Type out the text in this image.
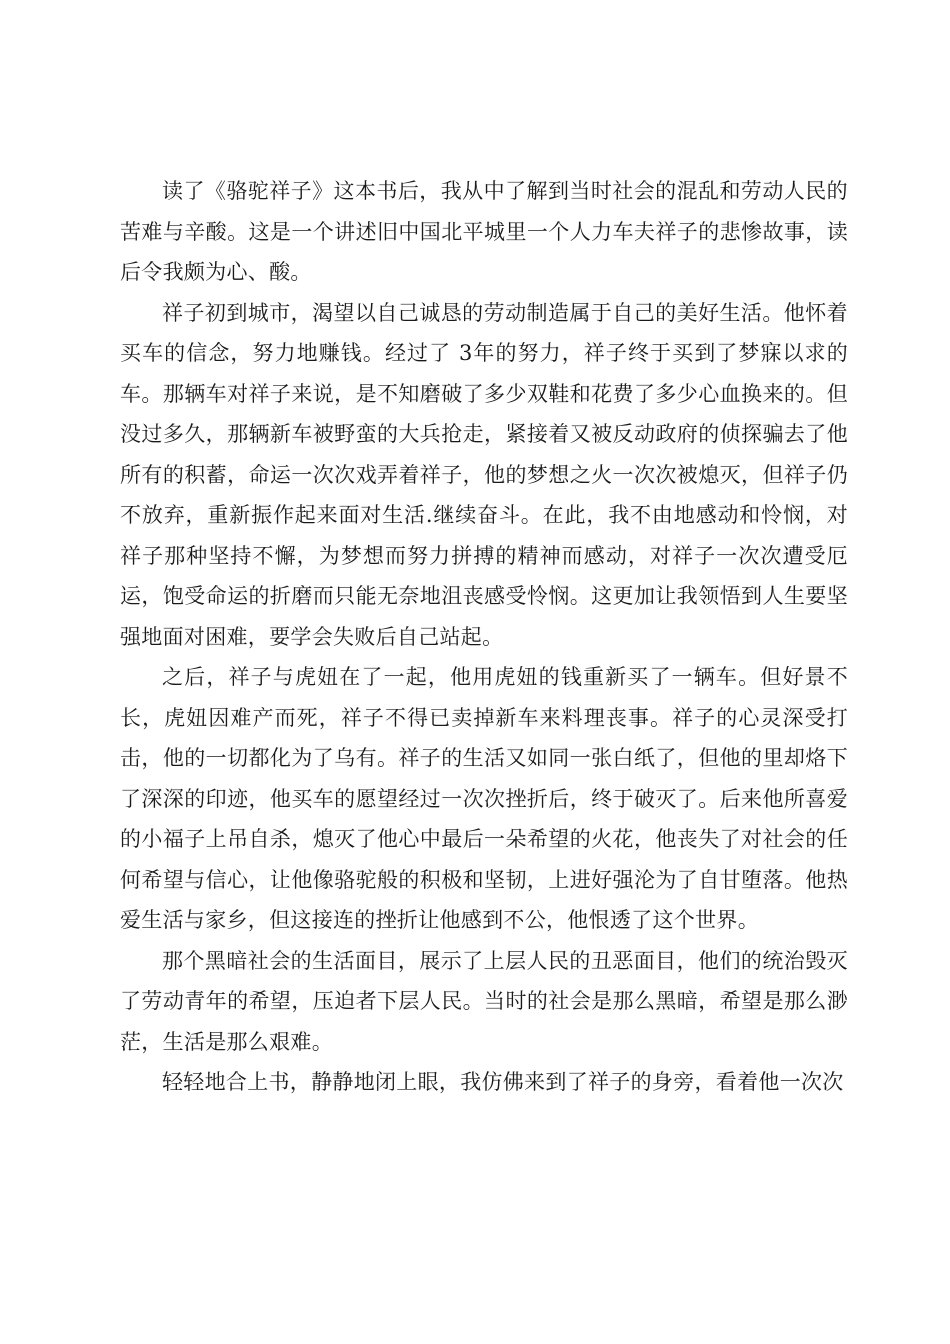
读了《骆驼祥子》这本书后，我从中了解到当时社会的混乱和劳动人民的苦难与辛酸。这是一个讲述旧中国北平城里一个人力车夫祥子的悲惨故事，读后令我颇为心、酸。

祥子初到城市，渴望以自己诚恳的劳动制造属于自己的美好生活。他怀着买车的信念，努力地赚钱。经过了 3年的努力，祥子终于买到了梦寐以求的车。那辆车对祥子来说，是不知磨破了多少双鞋和花费了多少心血换来的。但没过多久，那辆新车被野蛮的大兵抢走，紧接着又被反动政府的侦探骗去了他所有的积蓄，命运一次次戏弄着祥子，他的梦想之火一次次被熄灭，但祥子仍不放弃，重新振作起来面对生活.继续奋斗。在此，我不由地感动和怜悯，对祥子那种坚持不懈，为梦想而努力拼搏的精神而感动，对祥子一次次遭受厄运，饱受命运的折磨而只能无奈地沮丧感受怜悯。这更加让我领悟到人生要坚强地面对困难，要学会失败后自己站起。

之后，祥子与虎妞在了一起，他用虎妞的钱重新买了一辆车。但好景不长，虎妞因难产而死，祥子不得已卖掉新车来料理丧事。祥子的心灵深受打击，他的一切都化为了乌有。祥子的生活又如同一张白纸了，但他的里却烙下了深深的印迹，他买车的愿望经过一次次挫折后，终于破灭了。后来他所喜爱的小福子上吊自杀，熄灭了他心中最后一朵希望的火花，他丧失了对社会的任何希望与信心，让他像骆驼般的积极和坚韧，上进好强沦为了自甘堕落。他热爱生活与家乡，但这接连的挫折让他感到不公，他恨透了这个世界。

那个黑暗社会的生活面目，展示了上层人民的丑恶面目，他们的统治毁灭了劳动青年的希望，压迫者下层人民。当时的社会是那么黑暗，希望是那么渺茫，生活是那么艰难。

轻轻地合上书，静静地闭上眼，我仿佛来到了祥子的身旁，看着他一次次
